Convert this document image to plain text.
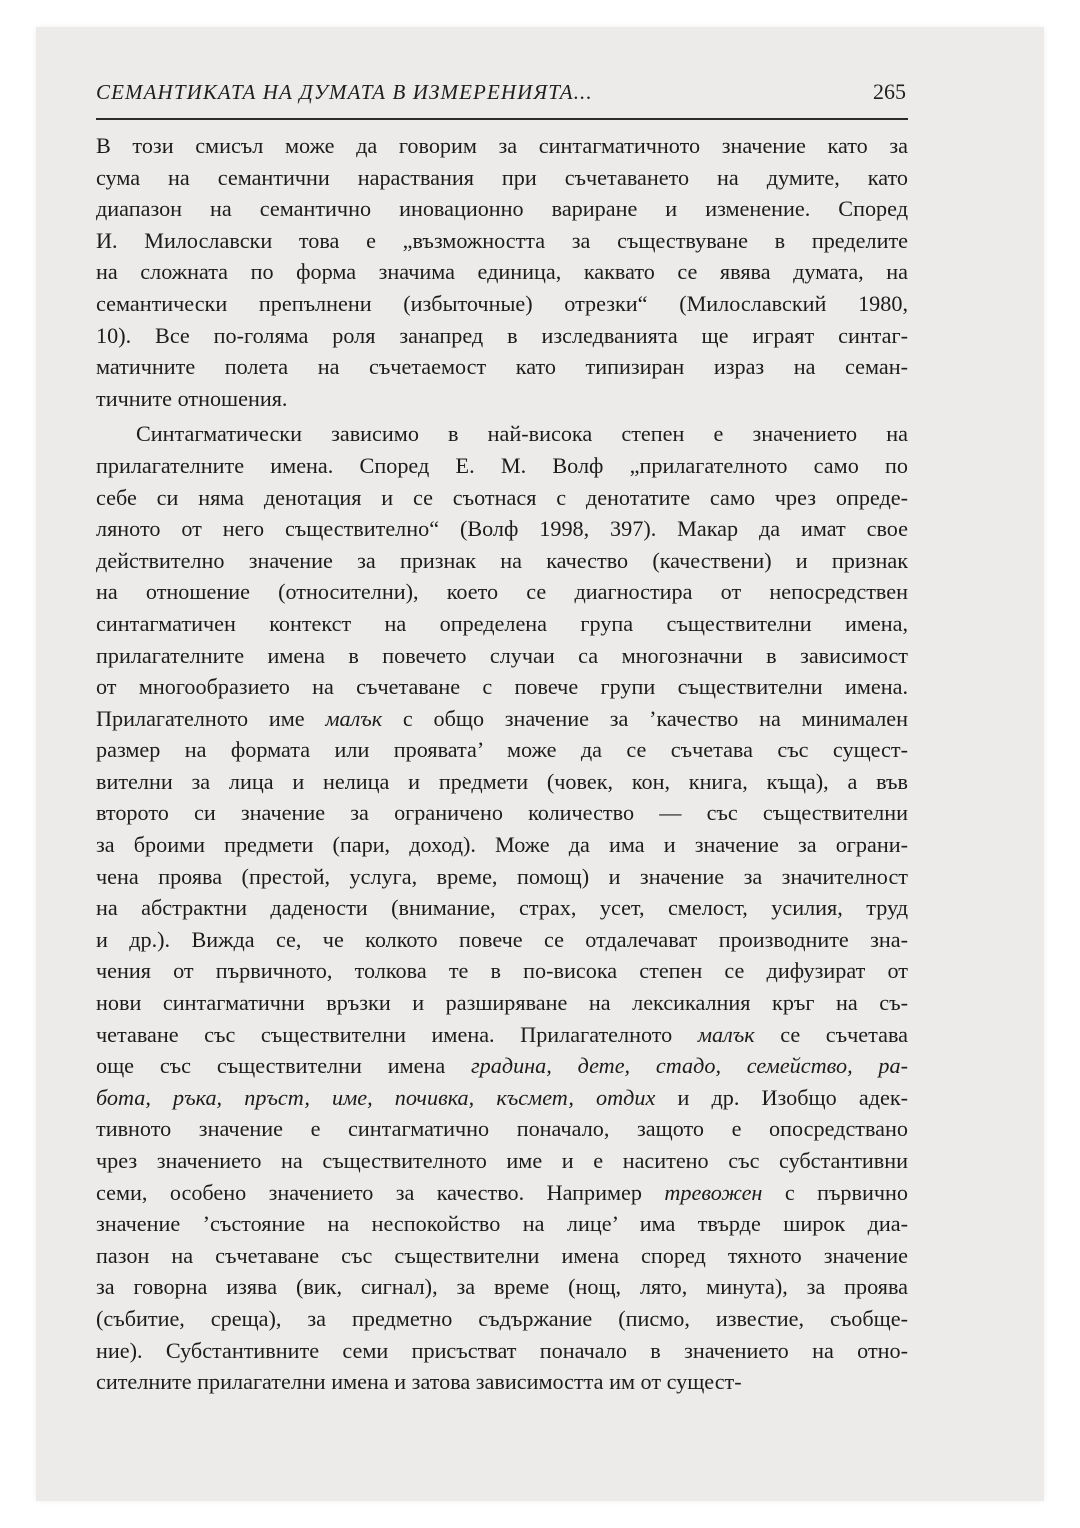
СЕМАНТИКАТА НА ДУМАТА В ИЗМЕРЕНИЯТА...	265
В този смисъл може да говорим за синтагматичното значение като за
сума на семантични нараствания при съчетаването на думите, като
диапазон на семантично иновационно вариране и изменение. Според
И. Милославски това е „възможността за съществуване в пределите
на сложната по форма значима единица, каквато се явява думата, на
семантически препълнени (избыточные) отрезки“ (Милославский 1980,
10). Все по-голяма роля занапред в изследванията ще играят синтаг-
матичните полета на съчетаемост като типизиран израз на семан-
тичните отношения.
Синтагматически зависимо в най-висока степен е значението на
прилагателните имена. Според Е. М. Волф „прилагателното само по
себе си няма денотация и се съотнася с денотатите само чрез опреде-
ляното от него съществително“ (Волф 1998, 397). Макар да имат свое
действително значение за признак на качество (качествени) и признак
на отношение (относителни), което се диагностира от непосредствен
синтагматичен контекст на определена група съществителни имена,
прилагателните имена в повечето случаи са многозначни в зависимост
от многообразието на съчетаване с повече групи съществителни имена.
Прилагателното име малък с общо значение за ’качество на минимален
размер на формата или проявата’ може да се съчетава със сущест-
вителни за лица и нелица и предмети (човек, кон, книга, къща), а във
второто си значение за ограничено количество — със съществителни
за броими предмети (пари, доход). Може да има и значение за ограни-
чена проява (престой, услуга, време, помощ) и значение за значителност
на абстрактни дадености (внимание, страх, усет, смелост, усилия, труд
и др.). Вижда се, че колкото повече се отдалечават производните зна-
чения от първичното, толкова те в по-висока степен се дифузират от
нови синтагматични връзки и разширяване на лексикалния кръг на съ-
четаване със съществителни имена. Прилагателното малък се съчетава
още със съществителни имена градина, дете, стадо, семейство, ра-
бота, ръка, пръст, име, почивка, късмет, отдих и др. Изобщо адек-
тивното значение е синтагматично поначало, защото е опосредствано
чрез значението на съществителното име и е наситено със субстантивни
семи, особено значението за качество. Например тревожен с първично
значение ’състояние на неспокойство на лице’ има твърде широк диа-
пазон на съчетаване със съществителни имена според тяхното значение
за говорна изява (вик, сигнал), за време (нощ, лято, минута), за проява
(събитие, среща), за предметно съдържание (писмо, известие, съобще-
ние). Субстантивните семи присъстват поначало в значението на отно-
сителните прилагателни имена и затова зависимостта им от сущест-
